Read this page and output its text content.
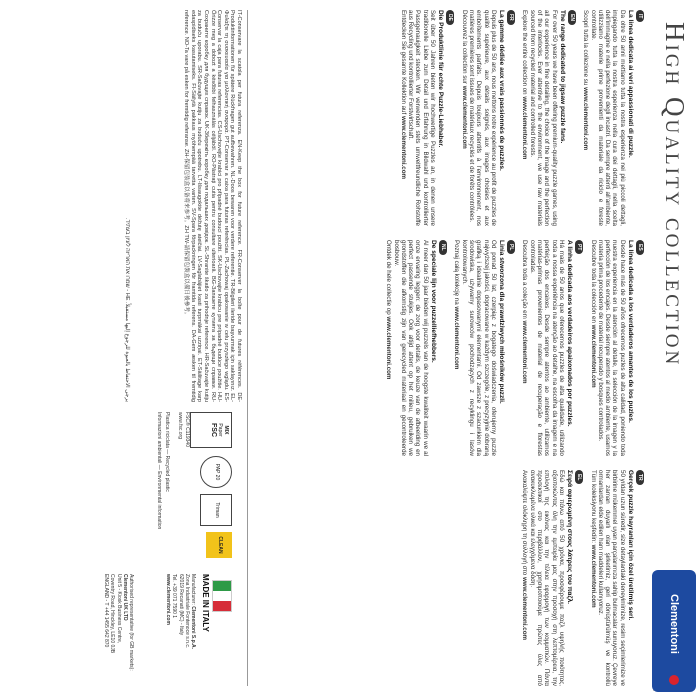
HIGH QUALITY COLLECTION
IT
La linea dedicata ai veri appassionati di puzzle.
Da oltre 50 anni mettiamo tutta la nostra esperienza nei più piccoli dettagli, impiegando tutta la nostra esperienza nella cura dei dettagli, nella scelta dell'immagine e nella perfezione degli incastri. Da sempre attenti all'ambiente, utilizziamo materie prime provenienti da materiale da riciclo e foreste controllate.
Scopri tutta la collezione su www.clementoni.com
EN
The range dedicated to jigsaw puzzle fans.
For over 50 years we have been offering premium-quality puzzle games, using all our experience in fine detailing, the choice of the image and the perfection of the interlocks. Ever attentive to the environment, we use raw materials sourced from recycled material and controlled forests.
Explore the entire collection on www.clementoni.com
FR
La gamme dédiée aux vrais passionnés de puzzles.
Depuis plus de 50 ans, nous mettons notre expérience au profit de puzzles de qualité supérieure, aux détails soignés, aux images choisies et aux emboîtements parfaits. Depuis toujours attentifs à l'environnement, nos matières premières sont issues de matériaux recyclés et de forêts contrôlées.
Découvrez la collection sur www.clementoni.com
DE
Die Produktlinie für echte Puzzle-Liebhaber.
Seit über 50 Jahren bieten wir hochwertige Puzzles an, in denen unsere traditionelle Liebe zum Detail und Erfahrung in Bildwahl und kontrollierter Passgenauigkeit stecken. Wir verwenden stets umweltfreundliche Rohstoffe aus Recycling und kontrollierter Forstwirtschaft.
Entdecken Sie gesamte Kollektion auf www.clementoni.com
ES
La línea dedicada a los verdaderos amantes de los puzles.
Desde hace más de 50 años ofrecemos puzles de alta calidad, poniendo toda nuestra experiencia en la atención al detalle, la selección de la imagen y la perfección de los encajes. Desde siempre atentos al medio ambiente, usamos materia prima procedente de material recuperado y bosques controlados.
Descubre toda la colección en www.clementoni.com
PT
A linha dedicada aos verdadeiros apaixonados por puzzles.
Há mais de 50 anos que oferecemos puzzles de alta qualidade, utilizando toda a nossa experiência na atenção ao detalhe, na escolha da imagem e na perfeição dos encaixes. Desde sempre atentos ao ambiente, utilizamos matérias-primas provenientes de material de recuperação e florestas controladas.
Descubra toda a coleção em www.clementoni.com
PL
Linia stworzona dla prawdziwych miłośników puzzli.
Od ponad 50 lat, czerpiąc z bogatego doświadczenia, oferujemy puzzle najwyższej jakości, dopracowane w każdym szczególe, z precyzyjnie dobraną grafiką i idealnie dopasowanymi elementami. Od zawsze z szacunkiem dla środowiska, używamy surowców pochodzących z recyklingu i lasów kontrolowanych.
Poznaj całą kolekcję na www.clementoni.com
NL
De speciale lijn voor puzzelliefhebbers.
Al meer dan 50 jaar bieden wij puzzels van de hoogste kwaliteit waarin we al onze ervaring leggen: de zorg voor details, de keuze van de afbeelding en perfect passende stukjes. Ook altijd attent op het milieu, gebruiken we grondstoffen die afkomstig zijn van gerecycled materiaal en gecontroleerde bosbouw.
Ontdek de hele collectie op www.clementoni.com
TR
Gerçek puzzle hayranları için özel üretilmiş seri.
50 yıldan uzun süredir, size detaylardaki deneyimimize, resim seçimlerimize ve birbirine mükemmel uyan parçalarımıza sahip bulmacalar sunuyoruz. Çevreye her zaman duyarlı olan şirketimiz, geri dönüştürülmüş ve kontrollü ormanlardan elde edilen ham maddeleri kullanıyoruz.
Tüm koleksiyonu keşfedin: www.clementoni.com
EL
Σειρά αφιερωμένη στους λάτρεις του παζλ.
Εδώ και πάνω από 50 χρόνια, προσφέρουμε παζλ υψηλής ποιότητας, αξιοποιώντας όλη την εμπειρία μας στην προσοχή στη λεπτομέρεια, την επιλογή της εικόνας και την τέλεια εφαρμογή των κομματιών. Πάντα προσεκτικοί στο περιβάλλον, χρησιμοποιούμε πρώτες ύλες από ανακυκλωμένα υλικά και ελεγχόμενα δάση.
Ανακαλύψτε ολόκληρη τη συλλογή στο www.clementoni.com
IT-Conservare la scatola per futura referenza. EN-Keep the box for future reference. FR-Conserver la boîte pour de futures références. DE-Produktinformationen für spätere Rückfragen gut aufbewahren. NL-Doos bewaren voor verdere referentie. TR-Bilgileri ileride başvurmak için saklayınız. EL-Φυλάξτε τη συσκευασία για μελλοντική αναφορά. PT-Conservar a caixa para futuras referências. PL-Zachowaj opakowanie w celu przyszłego wglądu. ES-Conservar la caja para futuras referencias. CS-Uschovejte krabici pro případné budoucí použití. SK-Uschovajte krabicu pre prípadné budúce použitie. HU-Őrizze meg a dobozt a későbbi felhasználás céljából. RO-Păstrați cutia pentru consultare ulterioară. BG-Запазете кутията за бъдещи справки. RU-Сохраните коробку для будущих справок. UK-Збережіть коробку для подальших довідок. SL-Shranite škatlo za prihodnje reference. HR-Sačuvajte kutiju za buduću uporabu. SR-Sačuvajte kutiju za buduću upotrebu. LT-Išsaugokite dėžutę ateičiai. LV-Saglabājiet kasti turpmākai uzziņai. ET-Säilitage karp edaspidiseks kasutamiseks. FI-Säilytä pakkaus myöhempää tarvetta varten. SV-Spara förpackningen för framtida referens. DA-Gem æsken til fremtidig reference. NO-Ta vare på esken for fremtidig referanse. ZH-保留包装盒以备将来参考。ZH TW-請保留包裝盒以備日後參考。
يرجى الاحتفاظ بالعبوة للرجوع إليها مستقبلاً. HE - שמרו את האריזה לעיון בעתיד.
MIX
Paper
FSC
FSC® C119340
www.fsc.org
PAP 20
Triman
CLEAN
Plastica riciclata — Recycled plastic
Informazioni ambientali — Environmental information
MADE IN ITALY
Manufacturer: Clementoni S.p.A.
Zona Industriale Fontenoce s.n.c.
62019 Recanati (MC) - Italy
Tel. +39 071 7590 1
www.clementoni.com
Authorised representative (for GB markets):
Clementoni UK LTD
Unit 5 - Kiosk Business Centre,
Coventry Road, Hinckley, LE10 0JB
ENGLAND - T +44 1455 642 870	Clementoni
